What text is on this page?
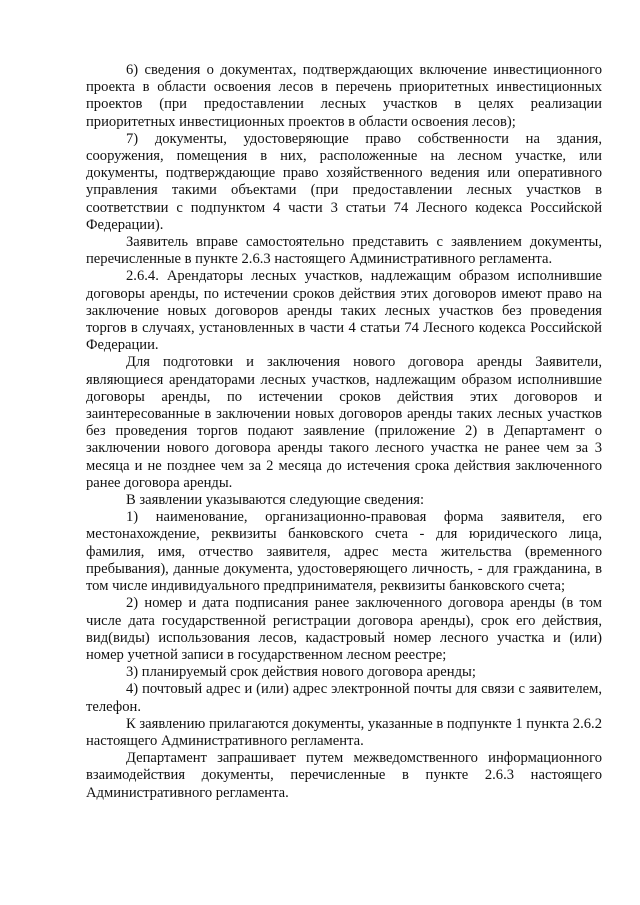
6) сведения о документах, подтверждающих включение инвестиционного проекта в области освоения лесов в перечень приоритетных инвестиционных проектов (при предоставлении лесных участков в целях реализации приоритетных инвестиционных проектов в области освоения лесов);

7) документы, удостоверяющие право собственности на здания, сооружения, помещения в них, расположенные на лесном участке, или документы, подтверждающие право хозяйственного ведения или оперативного управления такими объектами (при предоставлении лесных участков в соответствии с подпунктом 4 части 3 статьи 74 Лесного кодекса Российской Федерации).

Заявитель вправе самостоятельно представить с заявлением документы, перечисленные в пункте 2.6.3 настоящего Административного регламента.

2.6.4. Арендаторы лесных участков, надлежащим образом исполнившие договоры аренды, по истечении сроков действия этих договоров имеют право на заключение новых договоров аренды таких лесных участков без проведения торгов в случаях, установленных в части 4 статьи 74 Лесного кодекса Российской Федерации.

Для подготовки и заключения нового договора аренды Заявители, являющиеся арендаторами лесных участков, надлежащим образом исполнившие договоры аренды, по истечении сроков действия этих договоров и заинтересованные в заключении новых договоров аренды таких лесных участков без проведения торгов подают заявление (приложение 2) в Департамент о заключении нового договора аренды такого лесного участка не ранее чем за 3 месяца и не позднее чем за 2 месяца до истечения срока действия заключенного ранее договора аренды.

В заявлении указываются следующие сведения:

1) наименование, организационно-правовая форма заявителя, его местонахождение, реквизиты банковского счета - для юридического лица, фамилия, имя, отчество заявителя, адрес места жительства (временного пребывания), данные документа, удостоверяющего личность, - для гражданина, в том числе индивидуального предпринимателя, реквизиты банковского счета;

2) номер и дата подписания ранее заключенного договора аренды (в том числе дата государственной регистрации договора аренды), срок его действия, вид(виды) использования лесов, кадастровый номер лесного участка и (или) номер учетной записи в государственном лесном реестре;

3) планируемый срок действия нового договора аренды;

4) почтовый адрес и (или) адрес электронной почты для связи с заявителем, телефон.

К заявлению прилагаются документы, указанные в подпункте 1 пункта 2.6.2 настоящего Административного регламента.

Департамент запрашивает путем межведомственного информационного взаимодействия документы, перечисленные в пункте 2.6.3 настоящего Административного регламента.
